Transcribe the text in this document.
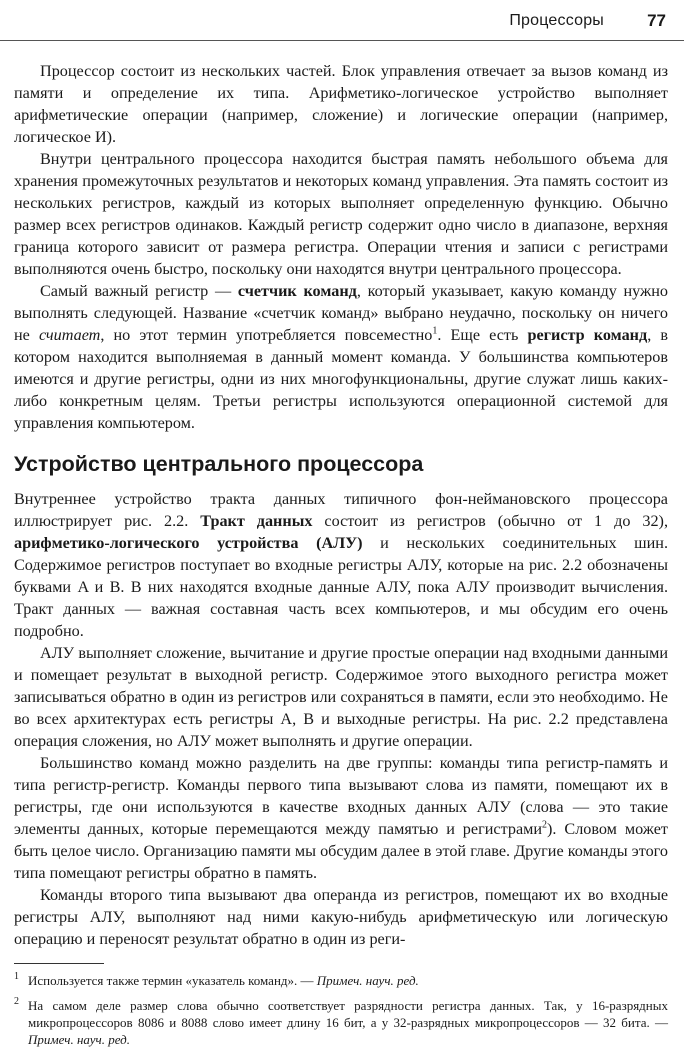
Процессоры	77

Процессор состоит из нескольких частей. Блок управления отвечает за вызов команд из памяти и определение их типа. Арифметико-логическое устройство выполняет арифметические операции (например, сложение) и логические операции (например, логическое И).

Внутри центрального процессора находится быстрая память небольшого объема для хранения промежуточных результатов и некоторых команд управления. Эта память состоит из нескольких регистров, каждый из которых выполняет определенную функцию. Обычно размер всех регистров одинаков. Каждый регистр содержит одно число в диапазоне, верхняя граница которого зависит от размера регистра. Операции чтения и записи с регистрами выполняются очень быстро, поскольку они находятся внутри центрального процессора.

Самый важный регистр — счетчик команд, который указывает, какую команду нужно выполнять следующей. Название «счетчик команд» выбрано неудачно, поскольку он ничего не считает, но этот термин употребляется повсеместно$^1$. Еще есть регистр команд, в котором находится выполняемая в данный момент команда. У большинства компьютеров имеются и другие регистры, одни из них многофункциональны, другие служат лишь каких-либо конкретным целям. Третьи регистры используются операционной системой для управления компьютером.

Устройство центрального процессора

Внутреннее устройство тракта данных типичного фон-неймановского процессора иллюстрирует рис. 2.2. Тракт данных состоит из регистров (обычно от 1 до 32), арифметико-логического устройства (АЛУ) и нескольких соединительных шин. Содержимое регистров поступает во входные регистры АЛУ, которые на рис. 2.2 обозначены буквами A и B. В них находятся входные данные АЛУ, пока АЛУ производит вычисления. Тракт данных — важная составная часть всех компьютеров, и мы обсудим его очень подробно.

АЛУ выполняет сложение, вычитание и другие простые операции над входными данными и помещает результат в выходной регистр. Содержимое этого выходного регистра может записываться обратно в один из регистров или сохраняться в памяти, если это необходимо. Не во всех архитектурах есть регистры A, B и выходные регистры. На рис. 2.2 представлена операция сложения, но АЛУ может выполнять и другие операции.

Большинство команд можно разделить на две группы: команды типа регистр-память и типа регистр-регистр. Команды первого типа вызывают слова из памяти, помещают их в регистры, где они используются в качестве входных данных АЛУ (слова — это такие элементы данных, которые перемещаются между памятью и регистрами$^2$). Словом может быть целое число. Организацию памяти мы обсудим далее в этой главе. Другие команды этого типа помещают регистры обратно в память.

Команды второго типа вызывают два операнда из регистров, помещают их во входные регистры АЛУ, выполняют над ними какую-нибудь арифметическую или логическую операцию и переносят результат обратно в один из реги-

1 Используется также термин «указатель команд». — Примеч. науч. ред.
2 На самом деле размер слова обычно соответствует разрядности регистра данных. Так, у 16-разрядных микропроцессоров 8086 и 8088 слово имеет длину 16 бит, а у 32-разрядных микропроцессоров — 32 бита. — Примеч. науч. ред.
